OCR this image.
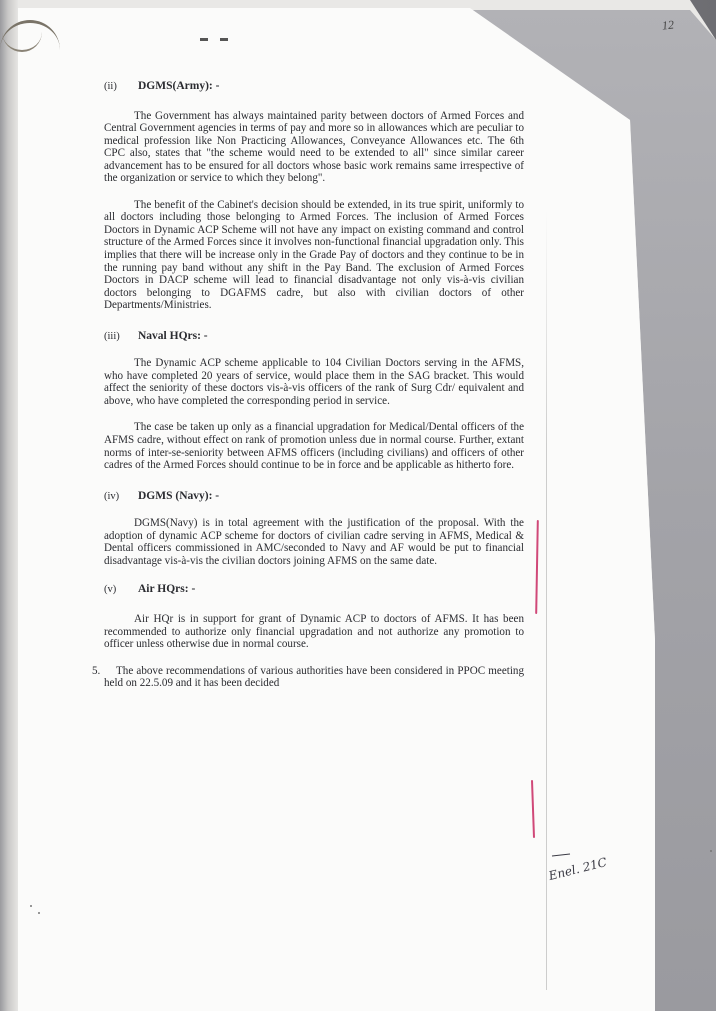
12
(ii)	DGMS(Army): -

The Government has always maintained parity between doctors of Armed Forces and Central Government agencies in terms of pay and more so in allowances which are peculiar to medical profession like Non Practicing Allowances, Conveyance Allowances etc. The 6th CPC also, states that "the scheme would need to be extended to all" since similar career advancement has to be ensured for all doctors whose basic work remains same irrespective of the organization or service to which they belong".

The benefit of the Cabinet's decision should be extended, in its true spirit, uniformly to all doctors including those belonging to Armed Forces. The inclusion of Armed Forces Doctors in Dynamic ACP Scheme will not have any impact on existing command and control structure of the Armed Forces since it involves non-functional financial upgradation only. This implies that there will be increase only in the Grade Pay of doctors and they continue to be in the running pay band without any shift in the Pay Band. The exclusion of Armed Forces Doctors in DACP scheme will lead to financial disadvantage not only vis-à-vis civilian doctors belonging to DGAFMS cadre, but also with civilian doctors of other Departments/Ministries.

(iii)	Naval HQrs: -

The Dynamic ACP scheme applicable to 104 Civilian Doctors serving in the AFMS, who have completed 20 years of service, would place them in the SAG bracket. This would affect the seniority of these doctors vis-à-vis officers of the rank of Surg Cdr/ equivalent and above, who have completed the corresponding period in service.

The case be taken up only as a financial upgradation for Medical/Dental officers of the AFMS cadre, without effect on rank of promotion unless due in normal course. Further, extant norms of inter-se-seniority between AFMS officers (including civilians) and officers of other cadres of the Armed Forces should continue to be in force and be applicable as hitherto fore.

(iv)	DGMS (Navy): -

DGMS(Navy) is in total agreement with the justification of the proposal. With the adoption of dynamic ACP scheme for doctors of civilian cadre serving in AFMS, Medical & Dental officers commissioned in AMC/seconded to Navy and AF would be put to financial disadvantage vis-à-vis the civilian doctors joining AFMS on the same date.

(v)	Air HQrs: -

Air HQr is in support for grant of Dynamic ACP to doctors of AFMS. It has been recommended to authorize only financial upgradation and not authorize any promotion to officer unless otherwise due in normal course.

5. The above recommendations of various authorities have been considered in PPOC meeting held on 22.5.09 and it has been decided
Enel. 21C
